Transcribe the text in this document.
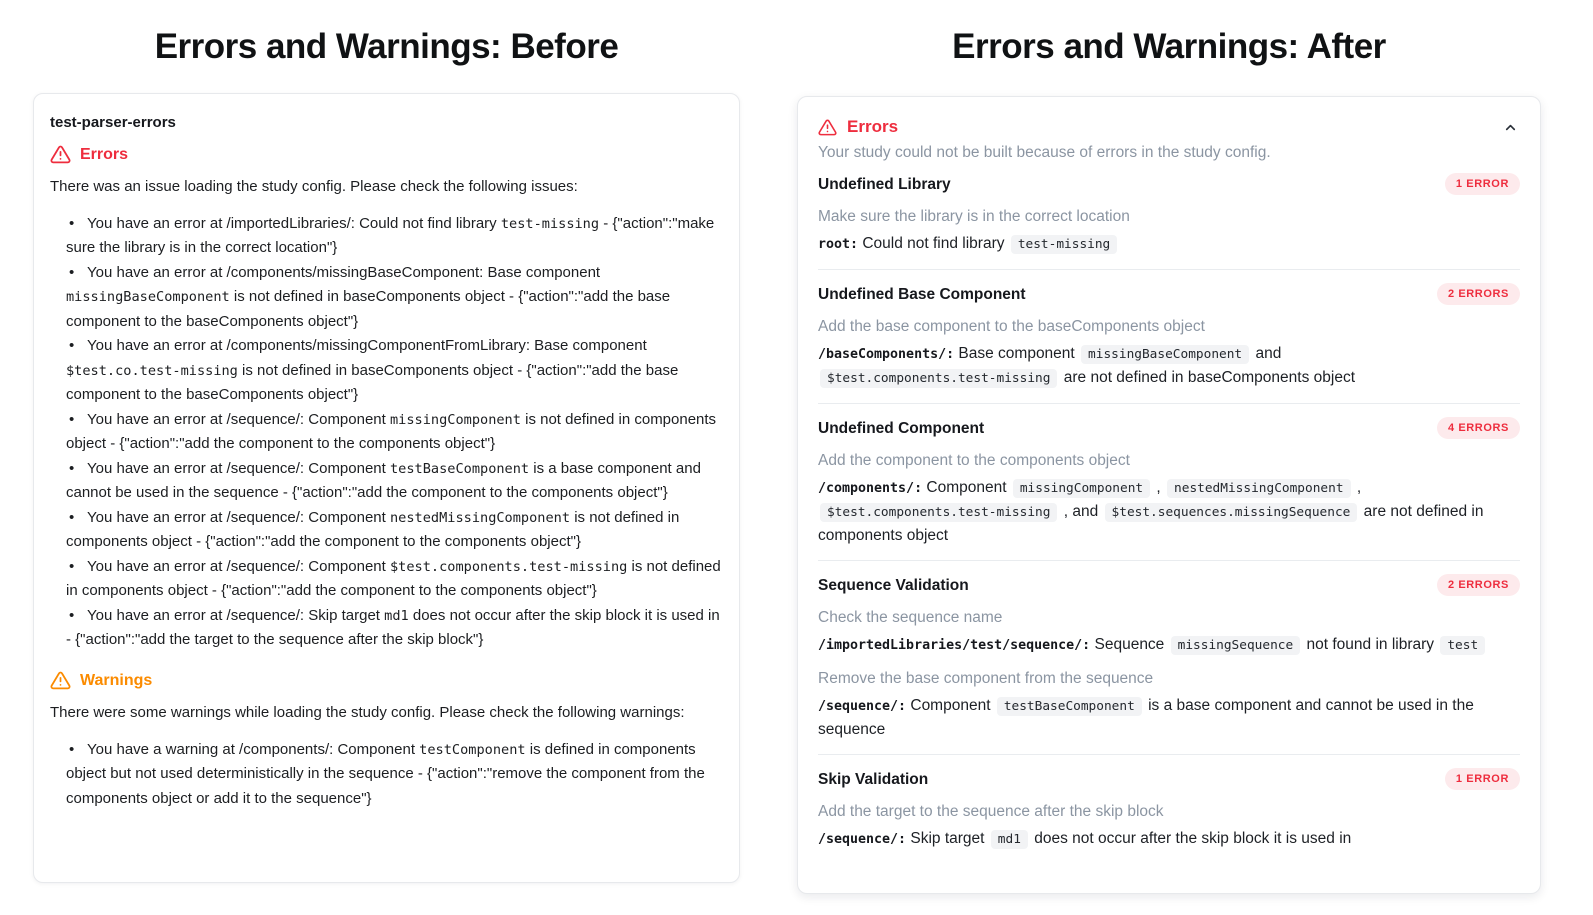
Errors and Warnings: Before

test-parser-errors

Errors

There was an issue loading the study config. Please check the following issues:

• You have an error at /importedLibraries/: Could not find library test-missing - {"action":"make sure the library is in the correct location"}
• You have an error at /components/missingBaseComponent: Base component missingBaseComponent is not defined in baseComponents object - {"action":"add the base component to the baseComponents object"}
• You have an error at /components/missingComponentFromLibrary: Base component $test.co.test-missing is not defined in baseComponents object - {"action":"add the base component to the baseComponents object"}
• You have an error at /sequence/: Component missingComponent is not defined in components object - {"action":"add the component to the components object"}
• You have an error at /sequence/: Component testBaseComponent is a base component and cannot be used in the sequence - {"action":"add the component to the components object"}
• You have an error at /sequence/: Component nestedMissingComponent is not defined in components object - {"action":"add the component to the components object"}
• You have an error at /sequence/: Component $test.components.test-missing is not defined in components object - {"action":"add the component to the components object"}
• You have an error at /sequence/: Skip target md1 does not occur after the skip block it is used in - {"action":"add the target to the sequence after the skip block"}
Warnings

There were some warnings while loading the study config. Please check the following warnings:

• You have a warning at /components/: Component testComponent is defined in components object but not used deterministically in the sequence - {"action":"remove the component from the components object or add it to the sequence"}
Errors and Warnings: After
Errors

Your study could not be built because of errors in the study config.

Undefined Library	1 ERROR

Make sure the library is in the correct location

root: Could not find library test-missing

Undefined Base Component	2 ERRORS

Add the base component to the baseComponents object

/baseComponents/: Base component missingBaseComponent and $test.components.test-missing are not defined in baseComponents object

Undefined Component	4 ERRORS

Add the component to the components object

/components/: Component missingComponent , nestedMissingComponent , $test.components.test-missing , and $test.sequences.missingSequence are not defined in components object

Sequence Validation	2 ERRORS

Check the sequence name

/importedLibraries/test/sequence/: Sequence missingSequence not found in library test

Remove the base component from the sequence

/sequence/: Component testBaseComponent is a base component and cannot be used in the sequence

Skip Validation	1 ERROR

Add the target to the sequence after the skip block

/sequence/: Skip target md1 does not occur after the skip block it is used in
